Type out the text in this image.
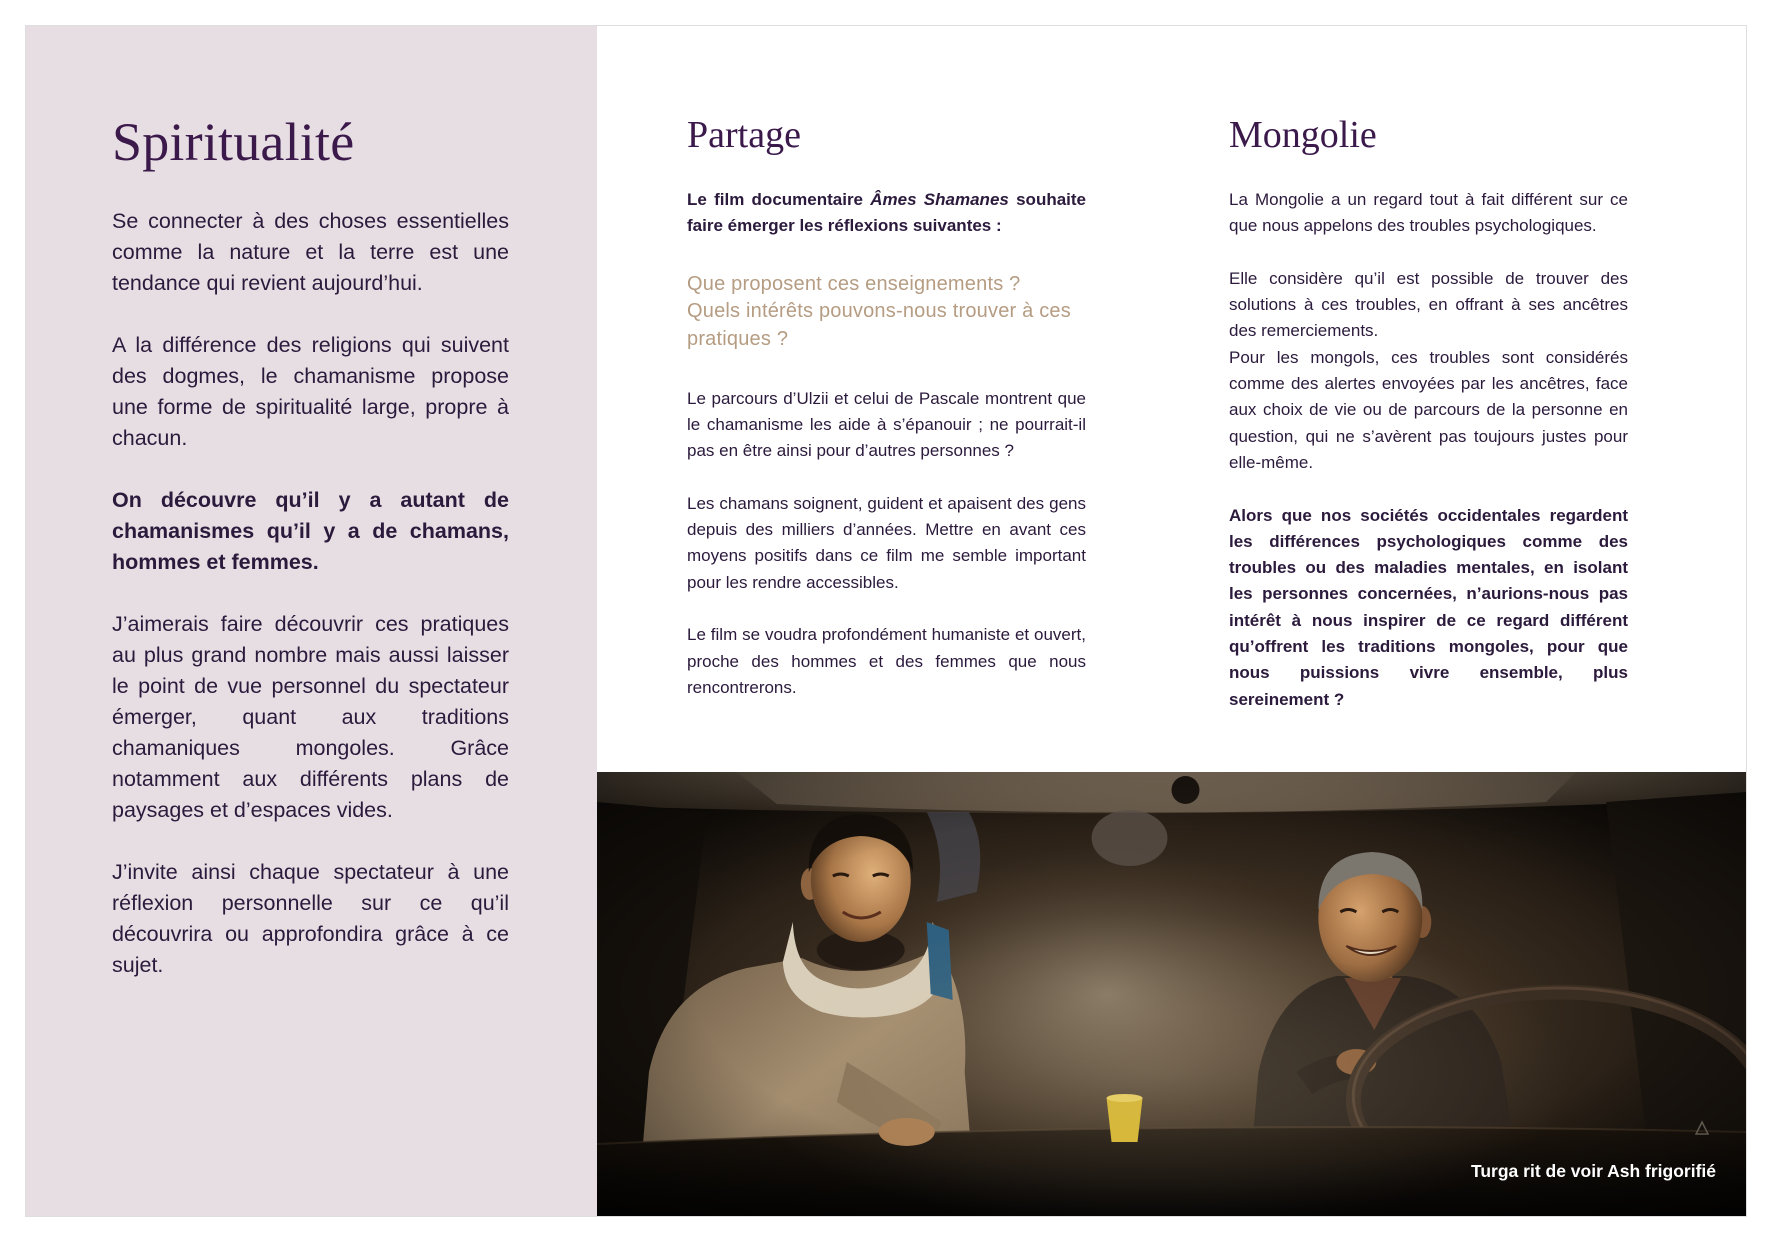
Spiritualité

Se connecter à des choses essentielles comme la nature et la terre est une tendance qui revient aujourd’hui.

A la différence des religions qui suivent des dogmes, le chamanisme propose une forme de spiritualité large, propre à chacun.

On découvre qu’il y a autant de chamanismes qu’il y a de chamans, hommes et femmes.

J’aimerais faire découvrir ces pratiques au plus grand nombre mais aussi laisser le point de vue personnel du spectateur émerger, quant aux traditions chamaniques mongoles. Grâce notamment aux différents plans de paysages et d’espaces vides.

J’invite ainsi chaque spectateur à une réflexion personnelle sur ce qu’il découvrira ou approfondira grâce à ce sujet.

Partage

Le film documentaire Âmes Shamanes souhaite faire émerger les réflexions suivantes :

Que proposent ces enseignements ?
Quels intérêts pouvons-nous trouver à ces pratiques ?

Le parcours d’Ulzii et celui de Pascale montrent que le chamanisme les aide à s’épanouir ; ne pourrait-il pas en être ainsi pour d’autres personnes ?

Les chamans soignent, guident et apaisent des gens depuis des milliers d’années. Mettre en avant ces moyens positifs dans ce film me semble important pour les rendre accessibles.

Le film se voudra profondément humaniste et ouvert, proche des hommes et des femmes que nous rencontrerons.

Mongolie

La Mongolie a un regard tout à fait différent sur ce que nous appelons des troubles psychologiques.

Elle considère qu’il est possible de trouver des solutions à ces troubles, en offrant à ses ancêtres des remerciements.

Pour les mongols, ces troubles sont considérés comme des alertes envoyées par les ancêtres, face aux choix de vie ou de parcours de la personne en question, qui ne s’avèrent pas toujours justes pour elle-même.

Alors que nos sociétés occidentales regardent les différences psychologiques comme des troubles ou des maladies mentales, en isolant les personnes concernées, n’aurions-nous pas intérêt à nous inspirer de ce regard différent qu’offrent les traditions mongoles, pour que nous puissions vivre ensemble, plus sereinement ?

Turga rit de voir Ash frigorifié
